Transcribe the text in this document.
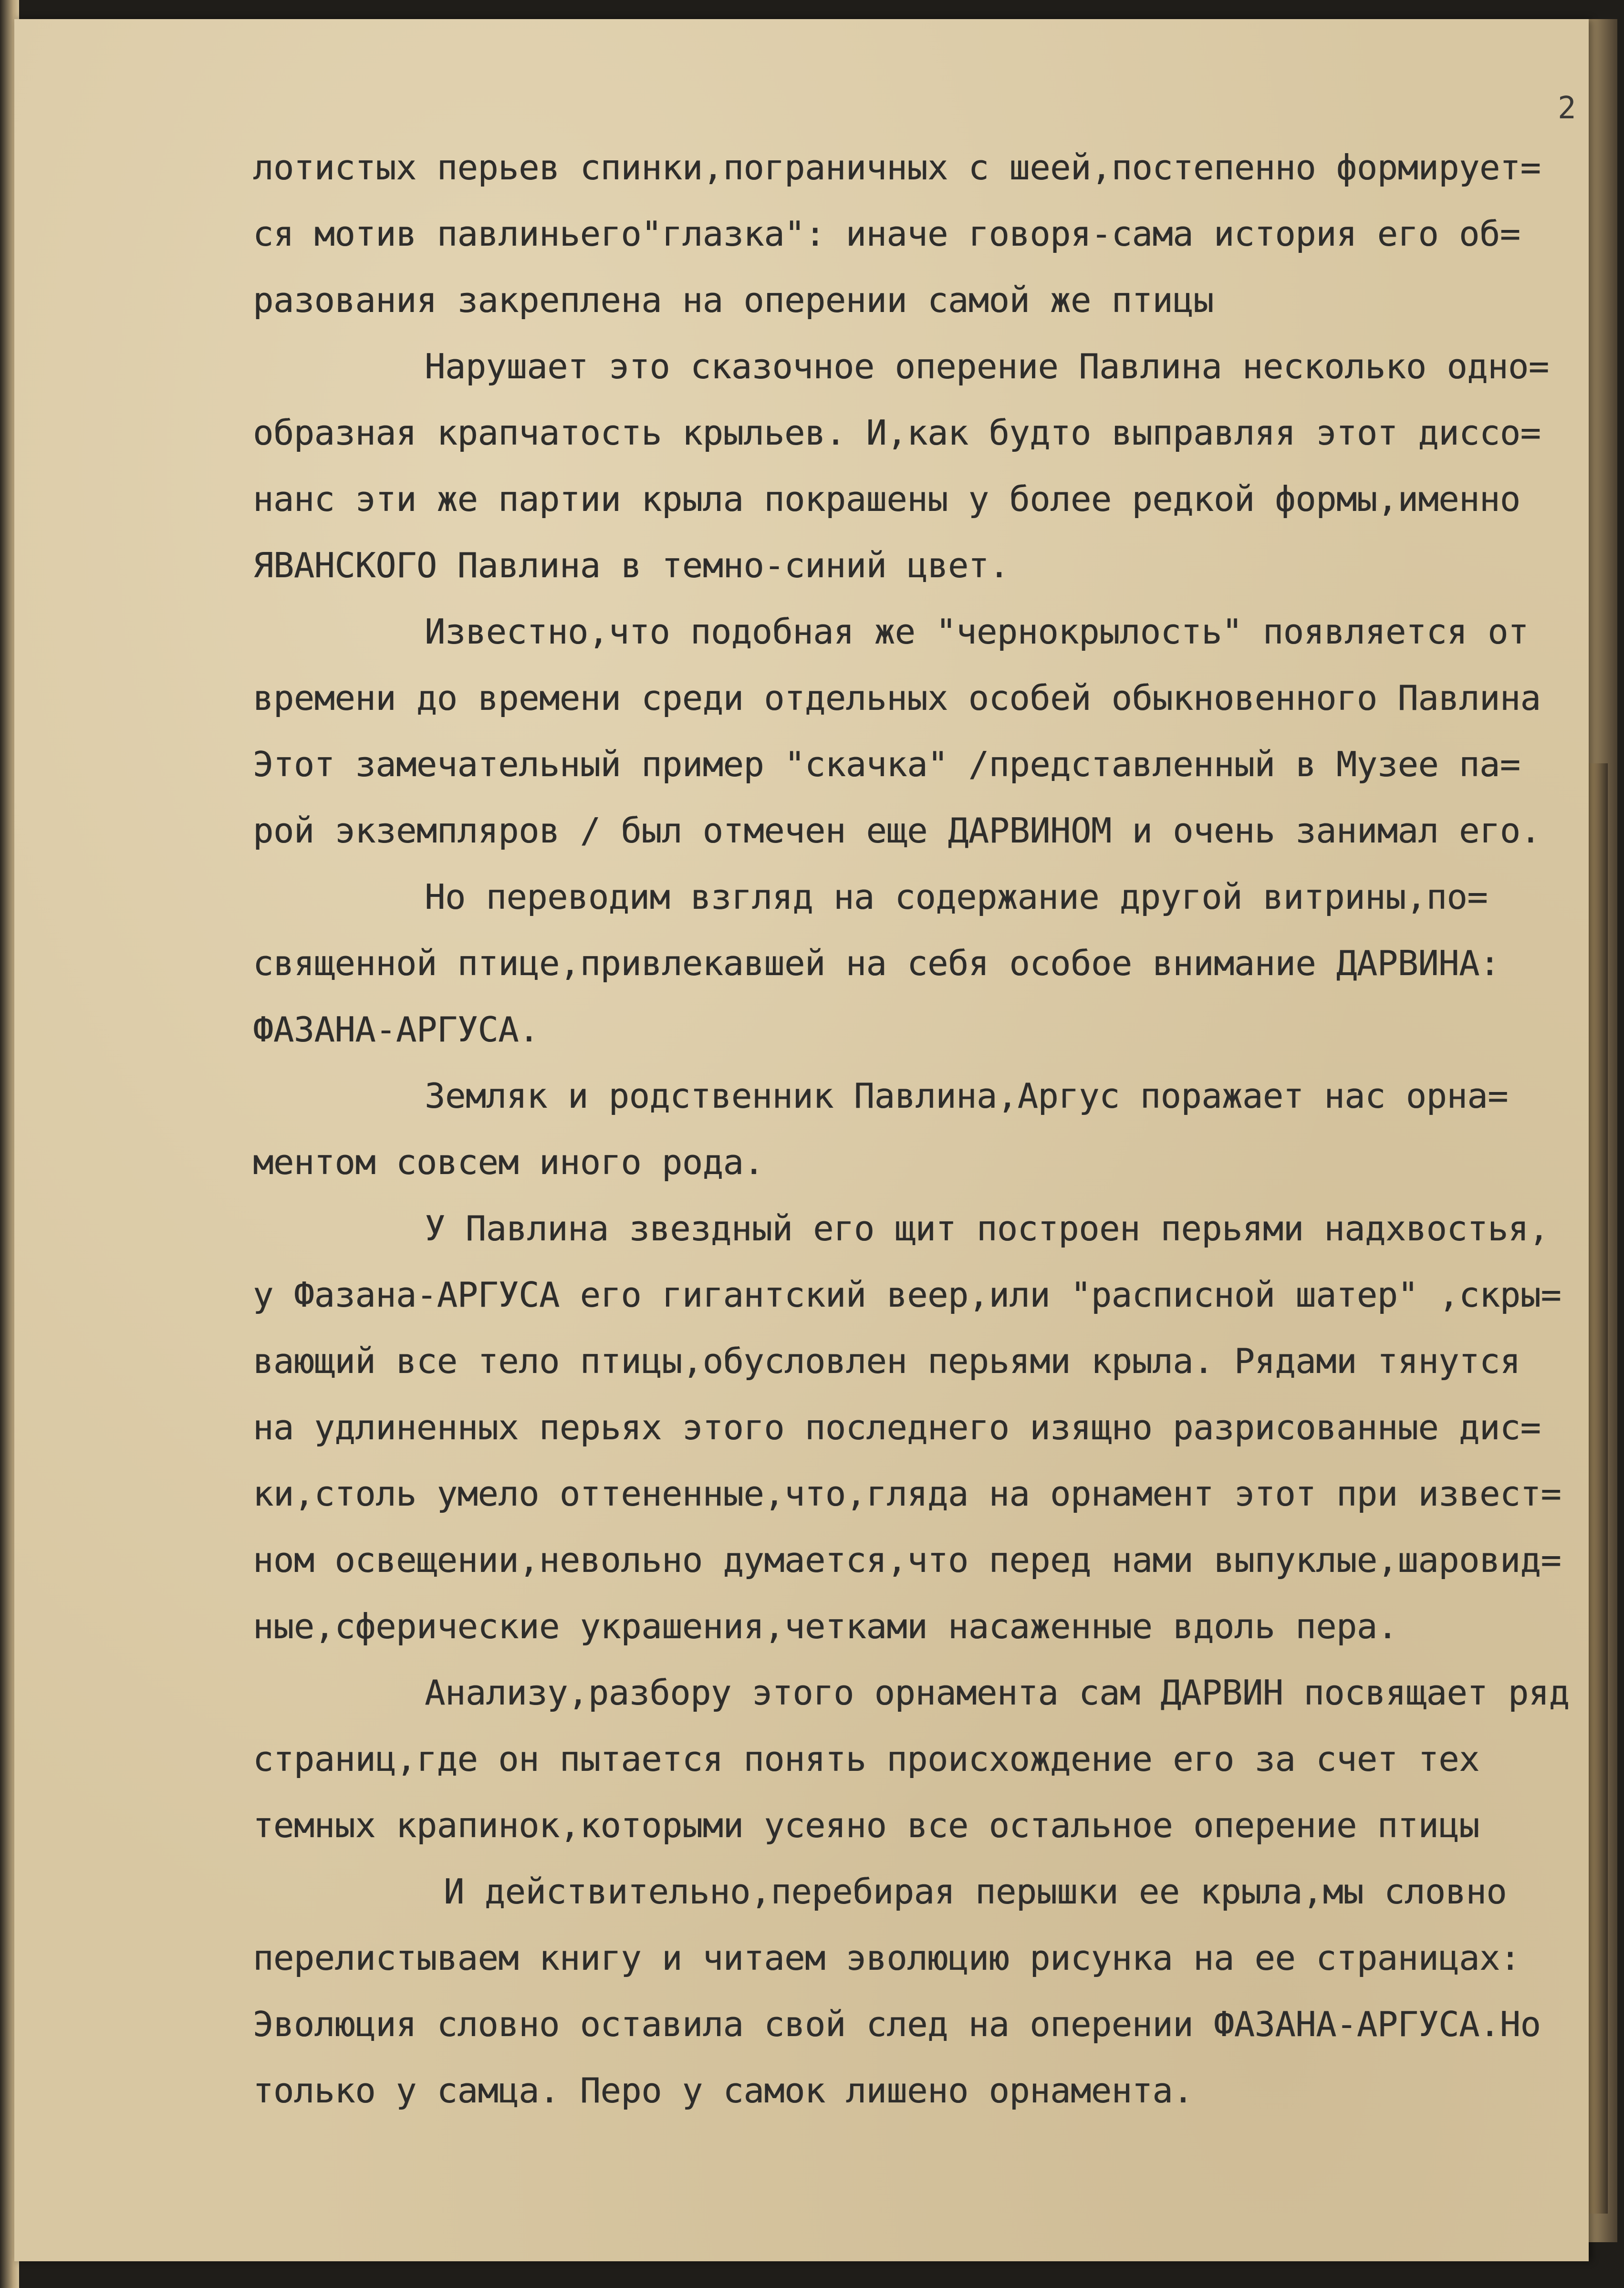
2
лотистых перьев спинки,пограничных с шеей,постепенно формирует=
ся мотив павлиньего"глазка": иначе говоря-сама история его об=
разования закреплена на оперении самой же птицы
Нарушает это сказочное оперение Павлина несколько одно=
образная крапчатость крыльев. И,как будто выправляя этот диссо=
нанс эти же партии крыла покрашены у более редкой формы,именно
ЯВАНСКОГО Павлина в темно-синий цвет.
Известно,что подобная же "чернокрылость" появляется от
времени до времени среди отдельных особей обыкновенного Павлина
Этот замечательный пример "скачка" /представленный в Музее па=
рой экземпляров / был отмечен еще ДАРВИНОМ и очень занимал его.
Но переводим взгляд на содержание другой витрины,по=
священной птице,привлекавшей на себя особое внимание ДАРВИНА:
ФАЗАНА-АРГУСА.
Земляк и родственник Павлина,Аргус поражает нас орна=
ментом совсем иного рода.
У Павлина звездный его щит построен перьями надхвостья,
у Фазана-АРГУСА его гигантский веер,или "расписной шатер" ,скры=
вающий все тело птицы,обусловлен перьями крыла. Рядами тянутся
на удлиненных перьях этого последнего изящно разрисованные дис=
ки,столь умело оттененные,что,гляда на орнамент этот при извест=
ном освещении,невольно думается,что перед нами выпуклые,шаровид=
ные,сферические украшения,четками насаженные вдоль пера.
Анализу,разбору этого орнамента сам ДАРВИН посвящает ряд
страниц,где он пытается понять происхождение его за счет тех
темных крапинок,которыми усеяно все остальное оперение птицы
И действительно,перебирая перышки ее крыла,мы словно
перелистываем книгу и читаем эволюцию рисунка на ее страницах:
Эволюция словно оставила свой след на оперении ФАЗАНА-АРГУСА.Но
только у самца. Перо у самок лишено орнамента.
